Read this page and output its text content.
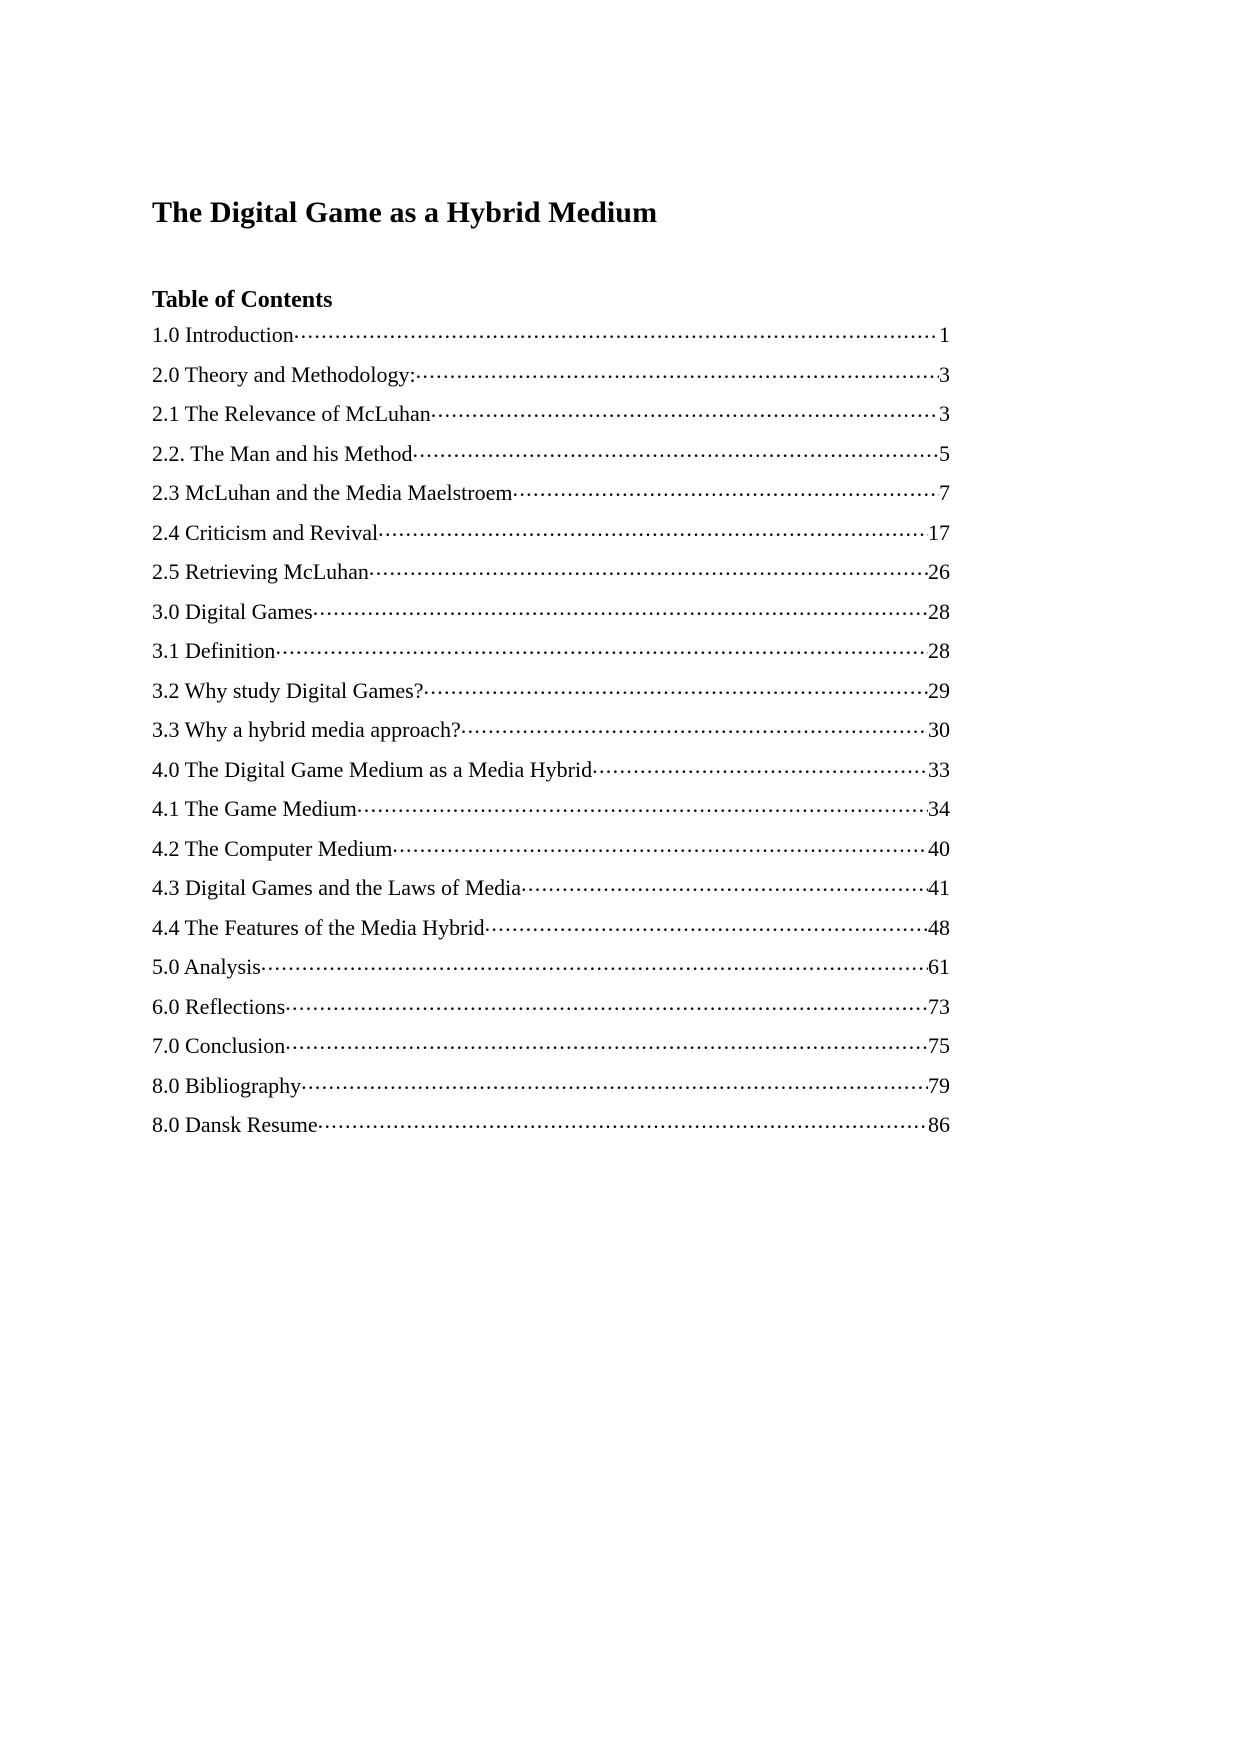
The Digital Game as a Hybrid Medium
Table of Contents
1.0 Introduction .....	1
2.0 Theory and Methodology: .....	3
2.1 The Relevance of McLuhan .....	3
2.2. The Man and his Method .....	5
2.3 McLuhan and the Media Maelstroem .....	7
2.4 Criticism and Revival .....	17
2.5 Retrieving McLuhan .....	26
3.0 Digital Games .....	28
3.1 Definition .....	28
3.2 Why study Digital Games? .....	29
3.3 Why a hybrid media approach? .....	30
4.0 The Digital Game Medium as a Media Hybrid .....	33
4.1 The Game Medium .....	34
4.2 The Computer Medium .....	40
4.3 Digital Games and the Laws of Media .....	41
4.4 The Features of the Media Hybrid .....	48
5.0 Analysis .....	61
6.0 Reflections .....	73
7.0 Conclusion .....	75
8.0 Bibliography .....	79
8.0 Dansk Resume .....	86
